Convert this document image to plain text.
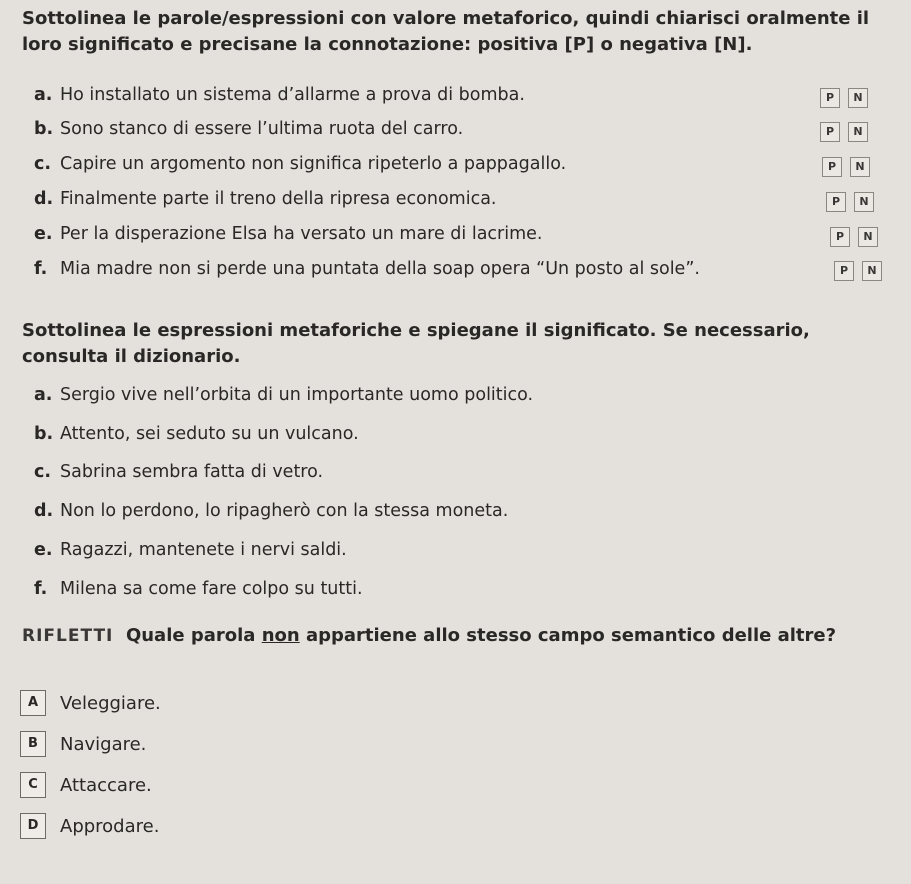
Sottolinea le parole/espressioni con valore metaforico, quindi chiarisci oralmente il loro significato e precisane la connotazione: positiva [P] o negativa [N].
a. Ho installato un sistema d’allarme a prova di bomba.	P	N
b. Sono stanco di essere l’ultima ruota del carro.	P	N
c. Capire un argomento non significa ripeterlo a pappagallo.	P	N
d. Finalmente parte il treno della ripresa economica.	P	N
e. Per la disperazione Elsa ha versato un mare di lacrime.	P	N
f. Mia madre non si perde una puntata della soap opera “Un posto al sole”.	P	N
Sottolinea le espressioni metaforiche e spiegane il significato. Se necessario, consulta il dizionario.
a. Sergio vive nell’orbita di un importante uomo politico.
b. Attento, sei seduto su un vulcano.
c. Sabrina sembra fatta di vetro.
d. Non lo perdono, lo ripagherò con la stessa moneta.
e. Ragazzi, mantenete i nervi saldi.
f. Milena sa come fare colpo su tutti.
RIFLETTI Quale parola non appartiene allo stesso campo semantico delle altre?
A	Veleggiare.
B	Navigare.
C	Attaccare.
D	Approdare.
